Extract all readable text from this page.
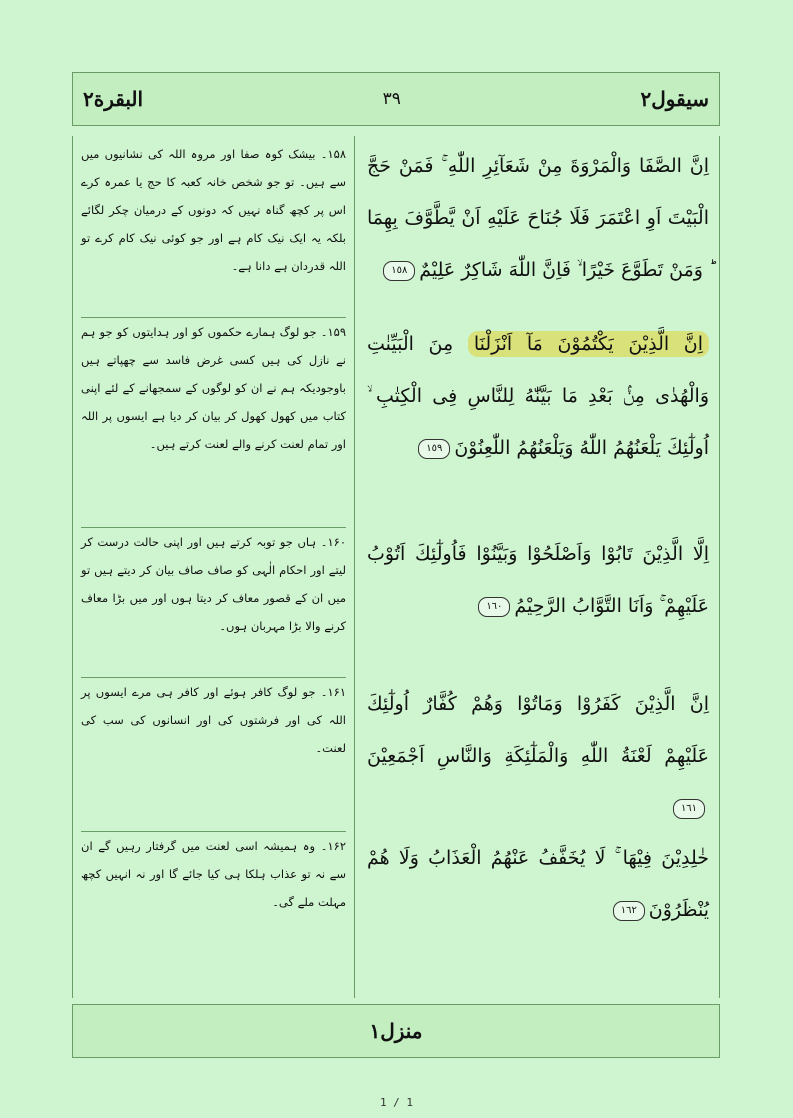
البقرة۲	۳۹	سیقول۲
۱۵۸۔ بیشک کوہ صفا اور مروہ اللہ کی نشانیوں میں سے ہیں۔ تو جو شخص خانہ کعبہ کا حج یا عمرہ کرے اس پر کچھ گناہ نہیں کہ دونوں کے درمیان چکر لگائے بلکہ یہ ایک نیک کام ہے اور جو کوئی نیک کام کرے تو اللہ قدردان ہے دانا ہے۔
۱۵۹۔ جو لوگ ہمارے حکموں کو اور ہدایتوں کو جو ہم نے نازل کی ہیں کسی غرض فاسد سے چھپاتے ہیں باوجودیکہ ہم نے ان کو لوگوں کے سمجھانے کے لئے اپنی کتاب میں کھول کھول کر بیان کر دیا ہے ایسوں پر اللہ اور تمام لعنت کرنے والے لعنت کرتے ہیں۔
۱۶۰۔ ہاں جو توبہ کرتے ہیں اور اپنی حالت درست کر لیتے اور احکام الٰہی کو صاف صاف بیان کر دیتے ہیں تو میں ان کے قصور معاف کر دیتا ہوں اور میں بڑا معاف کرنے والا بڑا مہربان ہوں۔
۱۶۱۔ جو لوگ کافر ہوئے اور کافر ہی مرے ایسوں پر اللہ کی اور فرشتوں کی اور انسانوں کی سب کی لعنت۔
۱۶۲۔ وہ ہمیشہ اسی لعنت میں گرفتار رہیں گے ان سے نہ تو عذاب ہلکا ہی کیا جائے گا اور نہ انہیں کچھ مہلت ملے گی۔
اِنَّ الصَّفَا وَالْمَرْوَةَ مِنْ شَعَآئِرِ اللّٰهِ ۚ فَمَنْ حَجَّ الْبَيْتَ اَوِ اعْتَمَرَ فَلَا جُنَاحَ عَلَيْهِ اَنْ يَّطَّوَّفَ بِهِمَا ؕ وَمَنْ تَطَوَّعَ خَيْرًا ۙ فَاِنَّ اللّٰهَ شَاكِرٌ عَلِيْمٌ١٥٨
اِنَّ الَّذِيْنَ يَكْتُمُوْنَ مَآ اَنْزَلْنَا مِنَ الْبَيِّنٰتِ وَالْهُدٰى مِنْۢ بَعْدِ مَا بَيَّنّٰهُ لِلنَّاسِ فِى الْكِتٰبِ ۙ اُولٰٓئِكَ يَلْعَنُهُمُ اللّٰهُ وَيَلْعَنُهُمُ اللّٰعِنُوْنَ١٥٩
اِلَّا الَّذِيْنَ تَابُوْا وَاَصْلَحُوْا وَبَيَّنُوْا فَاُولٰٓئِكَ اَتُوْبُ عَلَيْهِمْ ۚ وَاَنَا التَّوَّابُ الرَّحِيْمُ١٦٠
اِنَّ الَّذِيْنَ كَفَرُوْا وَمَاتُوْا وَهُمْ كُفَّارٌ اُولٰٓئِكَ عَلَيْهِمْ لَعْنَةُ اللّٰهِ وَالْمَلٰٓئِكَةِ وَالنَّاسِ اَجْمَعِيْنَ١٦١
خٰلِدِيْنَ فِيْهَا ۚ لَا يُخَفَّفُ عَنْهُمُ الْعَذَابُ وَلَا هُمْ يُنْظَرُوْنَ١٦٢
منزل۱
1 / 1
